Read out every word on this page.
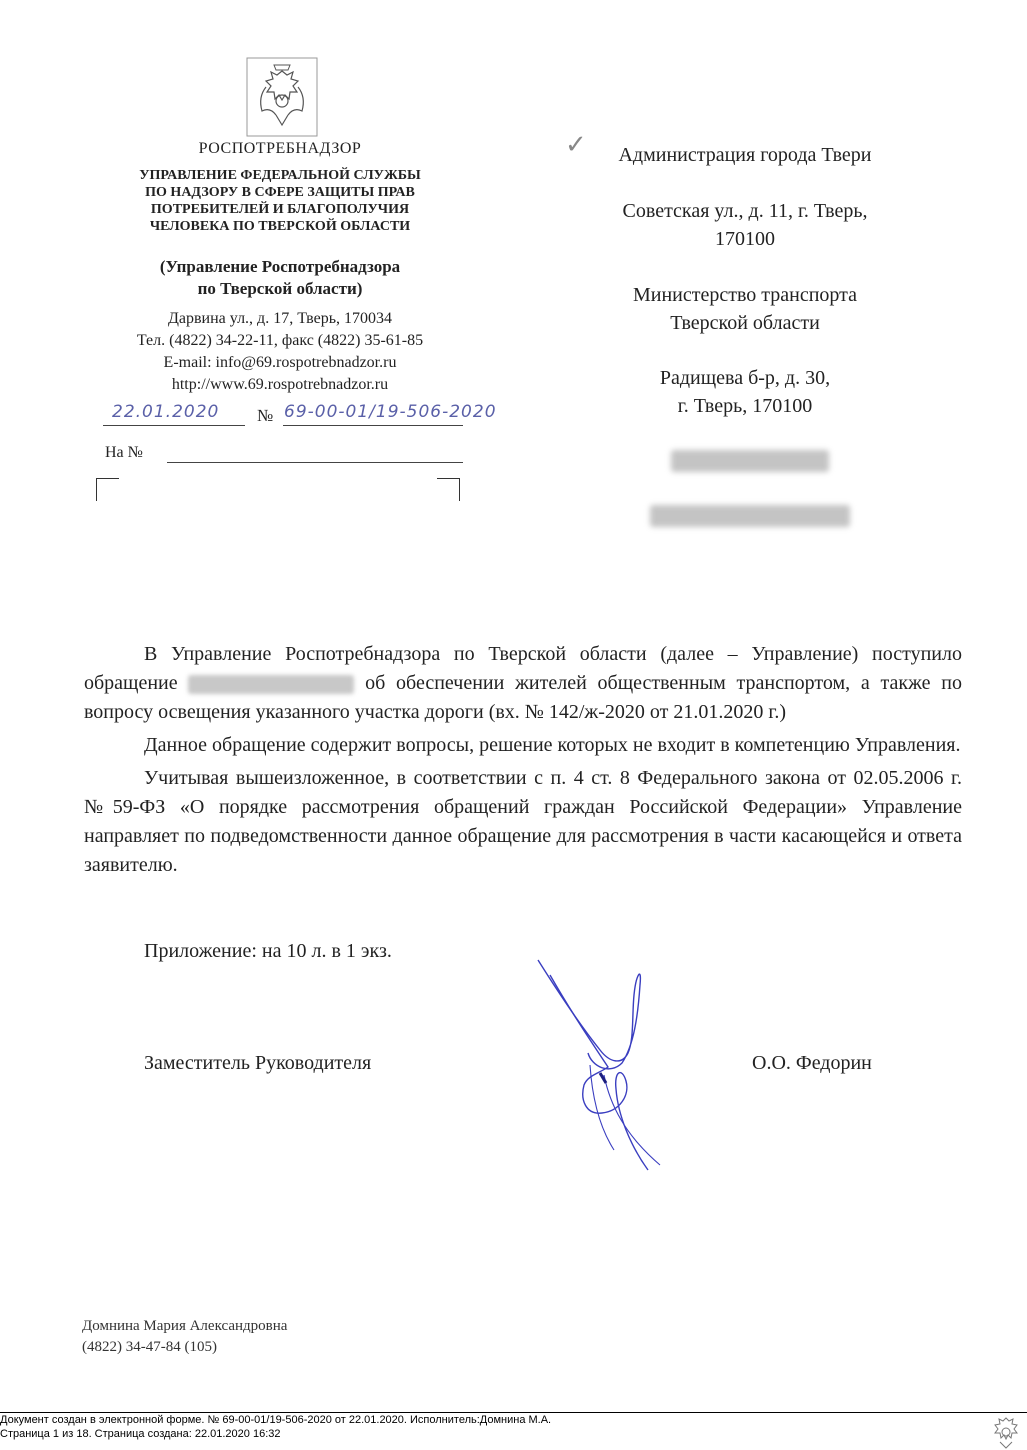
РОСПОТРЕБНАДЗОР
УПРАВЛЕНИЕ ФЕДЕРАЛЬНОЙ СЛУЖБЫ
ПО НАДЗОРУ В СФЕРЕ ЗАЩИТЫ ПРАВ
ПОТРЕБИТЕЛЕЙ И БЛАГОПОЛУЧИЯ
ЧЕЛОВЕКА ПО ТВЕРСКОЙ ОБЛАСТИ
(Управление Роспотребнадзора
по Тверской области)
Дарвина ул., д. 17, Тверь, 170034
Тел. (4822) 34-22-11, факс (4822) 35-61-85
E-mail: info@69.rospotrebnadzor.ru
http://www.69.rospotrebnadzor.ru
22.01.2020 № 69-00-01/19-506-2020
На №
✓	Администрация города Твери
Советская ул., д. 11, г. Тверь,
170100
Министерство транспорта
Тверской области
Радищева б-р, д. 30,
г. Тверь, 170100

В Управление Роспотребнадзора по Тверской области (далее – Управление) поступило обращение	об обеспечении жителей общественным транспортом, а также по вопросу освещения указанного участка дороги (вх. № 142/ж-2020 от 21.01.2020 г.)

Данное обращение содержит вопросы, решение которых не входит в компетенцию Управления.

Учитывая вышеизложенное, в соответствии с п. 4 ст. 8 Федерального закона от 02.05.2006 г. №59-ФЗ «О порядке рассмотрения обращений граждан Российской Федерации» Управление направляет по подведомственности данное обращение для рассмотрения в части касающейся и ответа заявителю.

Приложение: на 10 л. в 1 экз.
Заместитель Руководителя	О.О. Федорин
Домнина Мария Александровна
(4822) 34-47-84 (105)
Документ создан в электронной форме. № 69-00-01/19-506-2020 от 22.01.2020. Исполнитель:Домнина М.А.
Страница 1 из 18. Страница создана: 22.01.2020 16:32
